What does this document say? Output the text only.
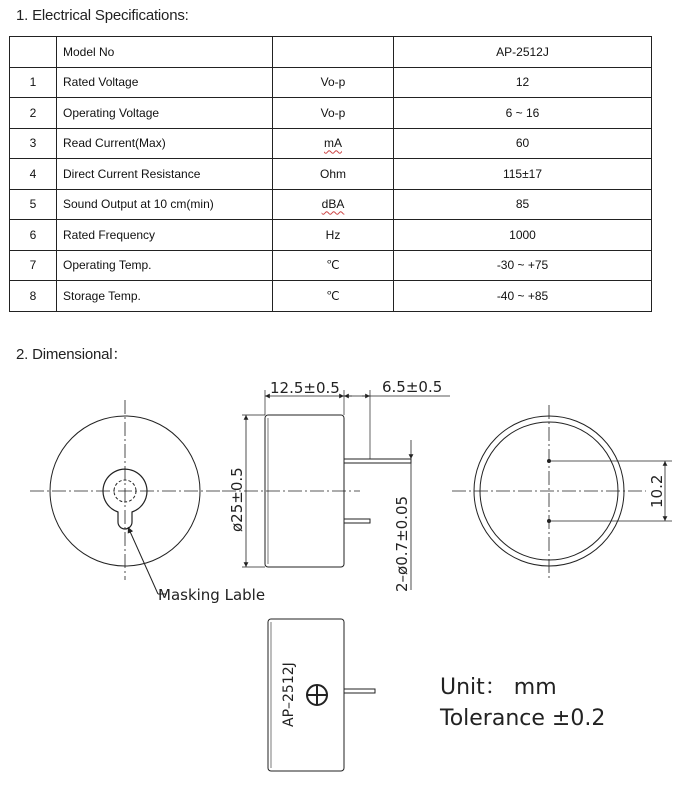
1. Electrical Specifications:
	Model No		AP-2512J
1	Rated Voltage	Vo-p	12
2	Operating Voltage	Vo-p	6 ~ 16
3	Read Current(Max)	mA	60
4	Direct Current Resistance	Ohm	115±17
5	Sound Output at 10 cm(min)	dBA	85
6	Rated Frequency	Hz	1000
7	Operating Temp.	℃	-30 ~ +75
8	Storage Temp.	℃	-40 ~ +85
2. Dimensional：
Masking Lable
12.5±0.5	6.5±0.5
ø25±0.5	2–ø0.7±0.05
10.2
AP–2512J	Unit： mm
Tolerance ±0.2
